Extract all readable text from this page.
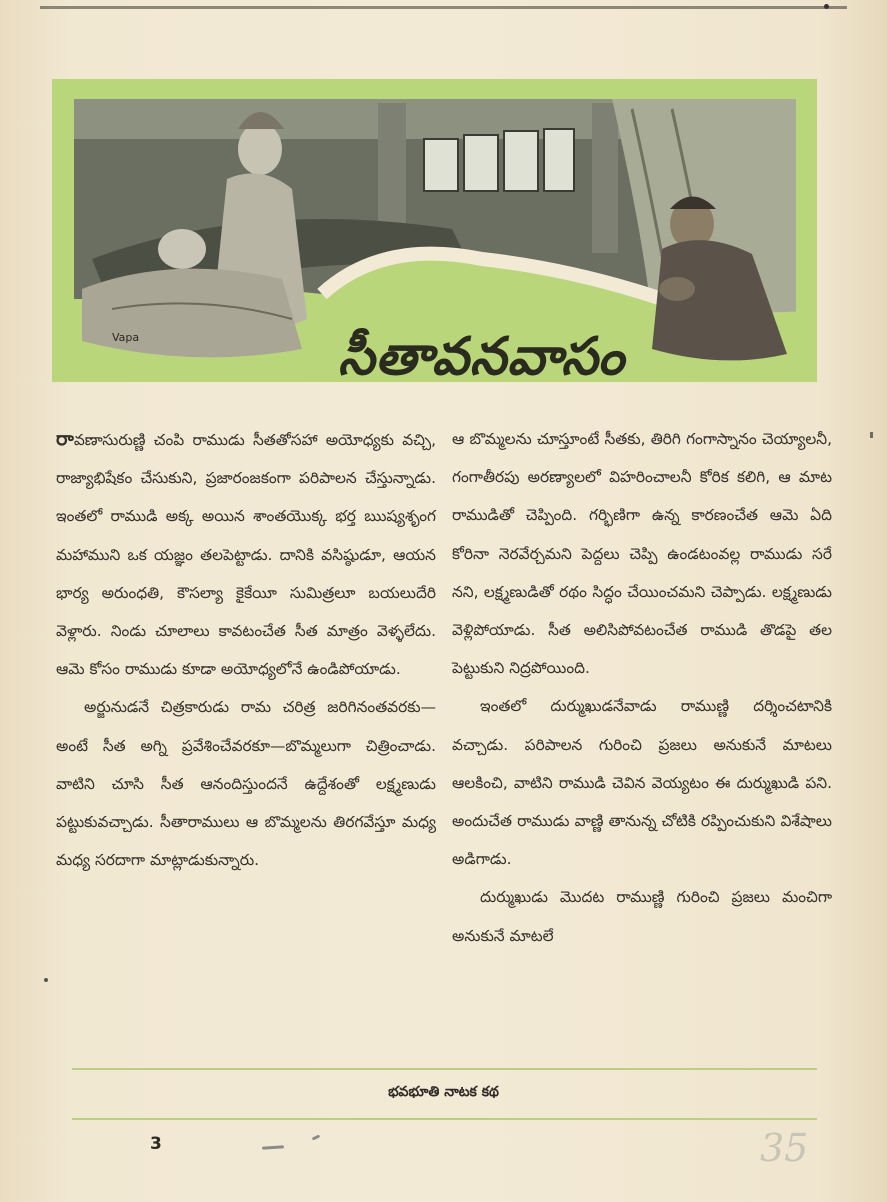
Vapa	సీతావనవాసం

రావణాసురుణ్ణి చంపి రాముడు సీతతోసహా అయోధ్యకు వచ్చి, రాజ్యాభిషేకం చేసుకుని, ప్రజారంజకంగా పరిపాలన చేస్తున్నాడు. ఇంతలో రాముడి అక్క అయిన శాంతయొక్క భర్త ఋష్యశృంగ మహాముని ఒక యజ్ఞం తలపెట్టాడు. దానికి వసిష్ఠుడూ, ఆయన భార్య అరుంధతి, కౌసల్యా కైకేయీ సుమిత్రలూ బయలుదేరి వెళ్లారు. నిండు చూలాలు కావటంచేత సీత మాత్రం వెళ్ళలేదు. ఆమె కోసం రాముడు కూడా అయోధ్యలోనే ఉండిపోయాడు.

అర్జునుడనే చిత్రకారుడు రామ చరిత్ర జరిగినంతవరకు—అంటే సీత అగ్ని ప్రవేశించేవరకూ—బొమ్మలుగా చిత్రించాడు. వాటిని చూసి సీత ఆనందిస్తుందనే ఉద్దేశంతో లక్ష్మణుడు పట్టుకువచ్చాడు. సీతారాములు ఆ బొమ్మలను తిరగవేస్తూ మధ్య మధ్య సరదాగా మాట్లాడుకున్నారు.

ఆ బొమ్మలను చూస్తూంటే సీతకు, తిరిగి గంగాస్నానం చెయ్యాలనీ, గంగాతీరపు అరణ్యాలలో విహరించాలనీ కోరిక కలిగి, ఆ మాట రాముడితో చెప్పింది. గర్భిణిగా ఉన్న కారణంచేత ఆమె ఏది కోరినా నెరవేర్చమని పెద్దలు చెప్పి ఉండటంవల్ల రాముడు సరే నని, లక్ష్మణుడితో రథం సిద్ధం చేయించమని చెప్పాడు. లక్ష్మణుడు వెళ్లిపోయాడు. సీత అలిసిపోవటంచేత రాముడి తొడపై తల పెట్టుకుని నిద్రపోయింది.

ఇంతలో దుర్ముఖుడనేవాడు రాముణ్ణి దర్శించటానికి వచ్చాడు. పరిపాలన గురించి ప్రజలు అనుకునే మాటలు ఆలకించి, వాటిని రాముడి చెవిన వెయ్యటం ఈ దుర్ముఖుడి పని. అందుచేత రాముడు వాణ్ణి తానున్న చోటికి రప్పించుకుని విశేషాలు అడిగాడు.

దుర్ముఖుడు మొదట రాముణ్ణి గురించి ప్రజలు మంచిగా అనుకునే మాటలే

భవభూతి నాటక కథ
3	35
